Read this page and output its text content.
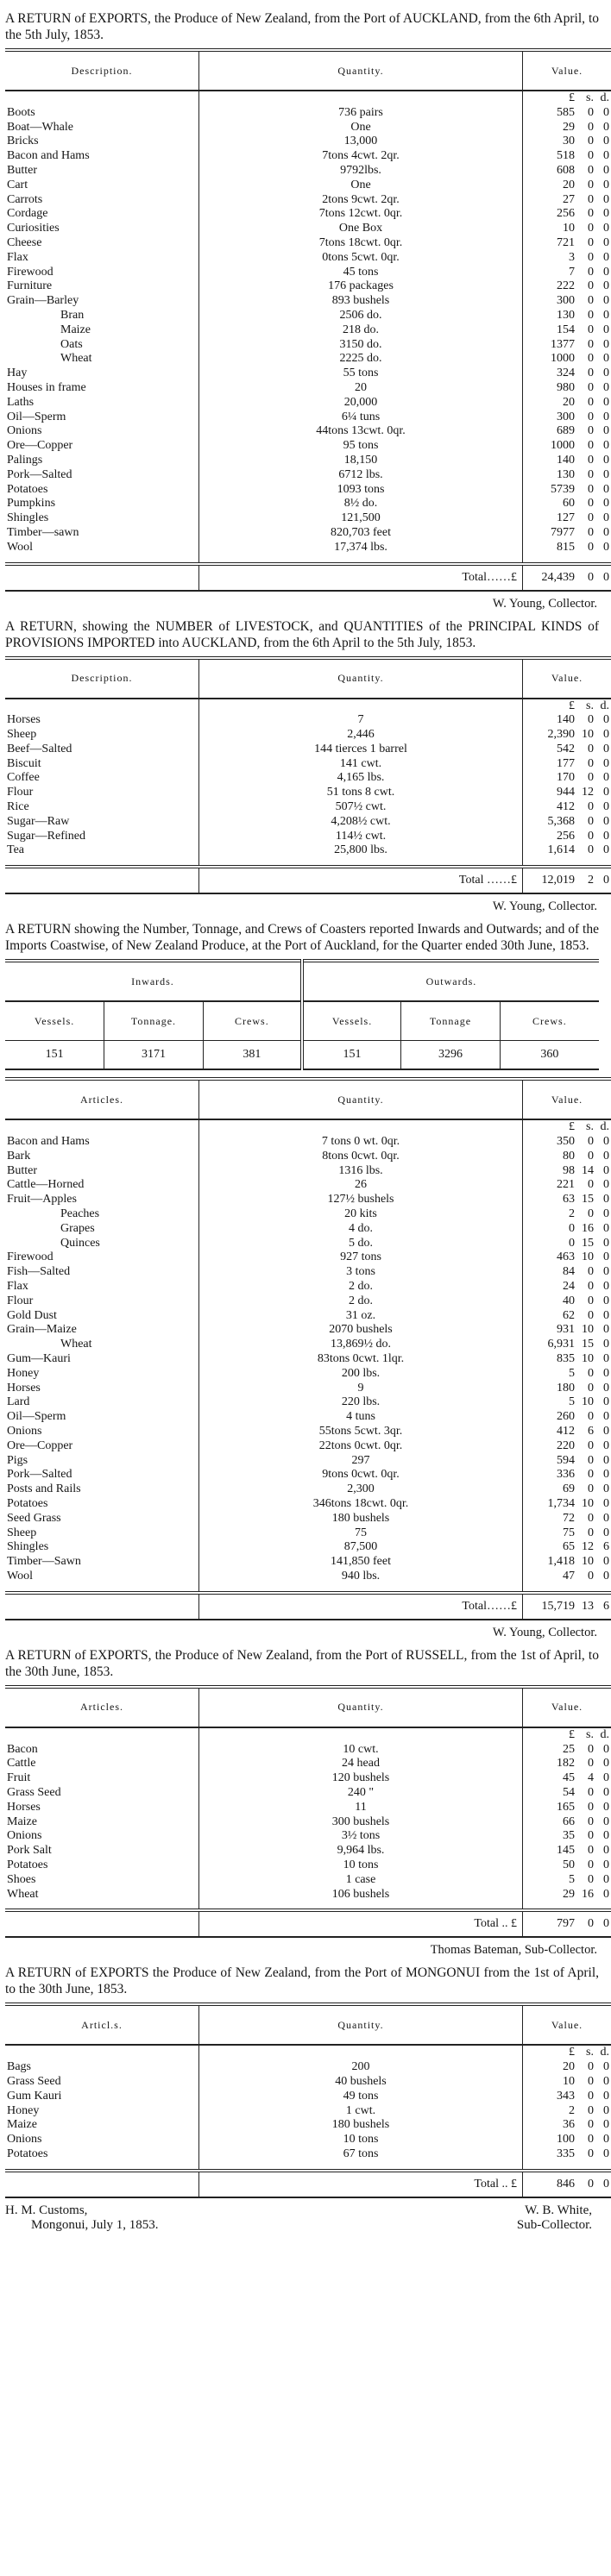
A RETURN of EXPORTS, the Produce of New Zealand, from the Port of AUCKLAND, from the 6th April, to the 5th July, 1853.

Description.	Quantity.	Value.

		£ s. d.

Boots	736 pairs	585 0 0

Boat—Whale	One	29 0 0

Bricks	13,000	30 0 0

Bacon and Hams	7tons 4cwt. 2qr.	518 0 0

Butter	9792lbs.	608 0 0

Cart	One	20 0 0

Carrots	2tons 9cwt. 2qr.	27 0 0

Cordage	7tons 12cwt. 0qr.	256 0 0

Curiosities	One Box	10 0 0

Cheese	7tons 18cwt. 0qr.	721 0 0

Flax	0tons 5cwt. 0qr.	3 0 0

Firewood	45 tons	7 0 0

Furniture	176 packages	222 0 0

Grain—Barley	893 bushels	300 0 0

Bran	2506 do.	130 0 0

Maize	218 do.	154 0 0

Oats	3150 do.	1377 0 0

Wheat	2225 do.	1000 0 0

Hay	55 tons	324 0 0

Houses in frame	20	980 0 0

Laths	20,000	20 0 0

Oil—Sperm	6¼ tuns	300 0 0

Onions	44tons 13cwt. 0qr.	689 0 0

Ore—Copper	95 tons	1000 0 0

Palings	18,150	140 0 0

Pork—Salted	6712 lbs.	130 0 0

Potatoes	1093 tons	5739 0 0

Pumpkins	8½ do.	60 0 0

Shingles	121,500	127 0 0

Timber—sawn	820,703 feet	7977 0 0

Wool	17,374 lbs.	815 0 0

	Total……£	24,439 0 0
W. Young, Collector.

A RETURN, showing the NUMBER of LIVESTOCK, and QUANTITIES of the PRINCIPAL KINDS of PROVISIONS IMPORTED into AUCKLAND, from the 6th April to the 5th July, 1853.

Description.	Quantity.	Value.

		£ s. d.

Horses	7	140 0 0

Sheep	2,446	2,390 10 0

Beef—Salted	144 tierces 1 barrel	542 0 0

Biscuit	141 cwt.	177 0 0

Coffee	4,165 lbs.	170 0 0

Flour	51 tons 8 cwt.	944 12 0

Rice	507½ cwt.	412 0 0

Sugar—Raw	4,208½ cwt.	5,368 0 0

Sugar—Refined	114½ cwt.	256 0 0

Tea	25,800 lbs.	1,614 0 0

	Total ……£	12,019 2 0
W. Young, Collector.

A RETURN showing the Number, Tonnage, and Crews of Coasters reported Inwards and Outwards; and of the Imports Coastwise, of New Zealand Produce, at the Port of Auckland, for the Quarter ended 30th June, 1853.

Inwards.			Outwards.		
Vessels.	Tonnage.	Crews.	Vessels.	Tonnage	Crews.
151	3171	381	151	3296	360
Articles.	Quantity.	Value.

		£ s. d.

Bacon and Hams	7 tons 0 wt. 0qr.	350 0 0

Bark	8tons 0cwt. 0qr.	80 0 0

Butter	1316 lbs.	98 14 0

Cattle—Horned	26	221 0 0

Fruit—Apples	127½ bushels	63 15 0

Peaches	20 kits	2 0 0

Grapes	4 do.	0 16 0

Quinces	5 do.	0 15 0

Firewood	927 tons	463 10 0

Fish—Salted	3 tons	84 0 0

Flax	2 do.	24 0 0

Flour	2 do.	40 0 0

Gold Dust	31 oz.	62 0 0

Grain—Maize	2070 bushels	931 10 0

Wheat	13,869½ do.	6,931 15 0

Gum—Kauri	83tons 0cwt. 1lqr.	835 10 0

Honey	200 lbs.	5 0 0

Horses	9	180 0 0

Lard	220 lbs.	5 10 0

Oil—Sperm	4 tuns	260 0 0

Onions	55tons 5cwt. 3qr.	412 6 0

Ore—Copper	22tons 0cwt. 0qr.	220 0 0

Pigs	297	594 0 0

Pork—Salted	9tons 0cwt. 0qr.	336 0 0

Posts and Rails	2,300	69 0 0

Potatoes	346tons 18cwt. 0qr.	1,734 10 0

Seed Grass	180 bushels	72 0 0

Sheep	75	75 0 0

Shingles	87,500	65 12 6

Timber—Sawn	141,850 feet	1,418 10 0

Wool	940 lbs.	47 0 0

	Total……£	15,719 13 6
W. Young, Collector.

A RETURN of EXPORTS, the Produce of New Zealand, from the Port of RUSSELL, from the 1st of April, to the 30th June, 1853.

Articles.	Quantity.	Value.

		£ s. d.

Bacon	10 cwt.	25 0 0

Cattle	24 head	182 0 0

Fruit	120 bushels	45 4 0

Grass Seed	240 "	54 0 0

Horses	11	165 0 0

Maize	300 bushels	66 0 0

Onions	3½ tons	35 0 0

Pork Salt	9,964 lbs.	145 0 0

Potatoes	10 tons	50 0 0

Shoes	1 case	5 0 0

Wheat	106 bushels	29 16 0

	Total .. £	797 0 0
Thomas Bateman, Sub-Collector.

A RETURN of EXPORTS the Produce of New Zealand, from the Port of MONGONUI from the 1st of April, to the 30th June, 1853.

Articl.s.	Quantity.	Value.

		£ s. d.

Bags	200	20 0 0

Grass Seed	40 bushels	10 0 0

Gum Kauri	49 tons	343 0 0

Honey	1 cwt.	2 0 0

Maize	180 bushels	36 0 0

Onions	10 tons	100 0 0

Potatoes	67 tons	335 0 0

	Total .. £	846 0 0
H. M. Customs,
Mongonui, July 1, 1853.
W. B. White,
Sub-Collector.
